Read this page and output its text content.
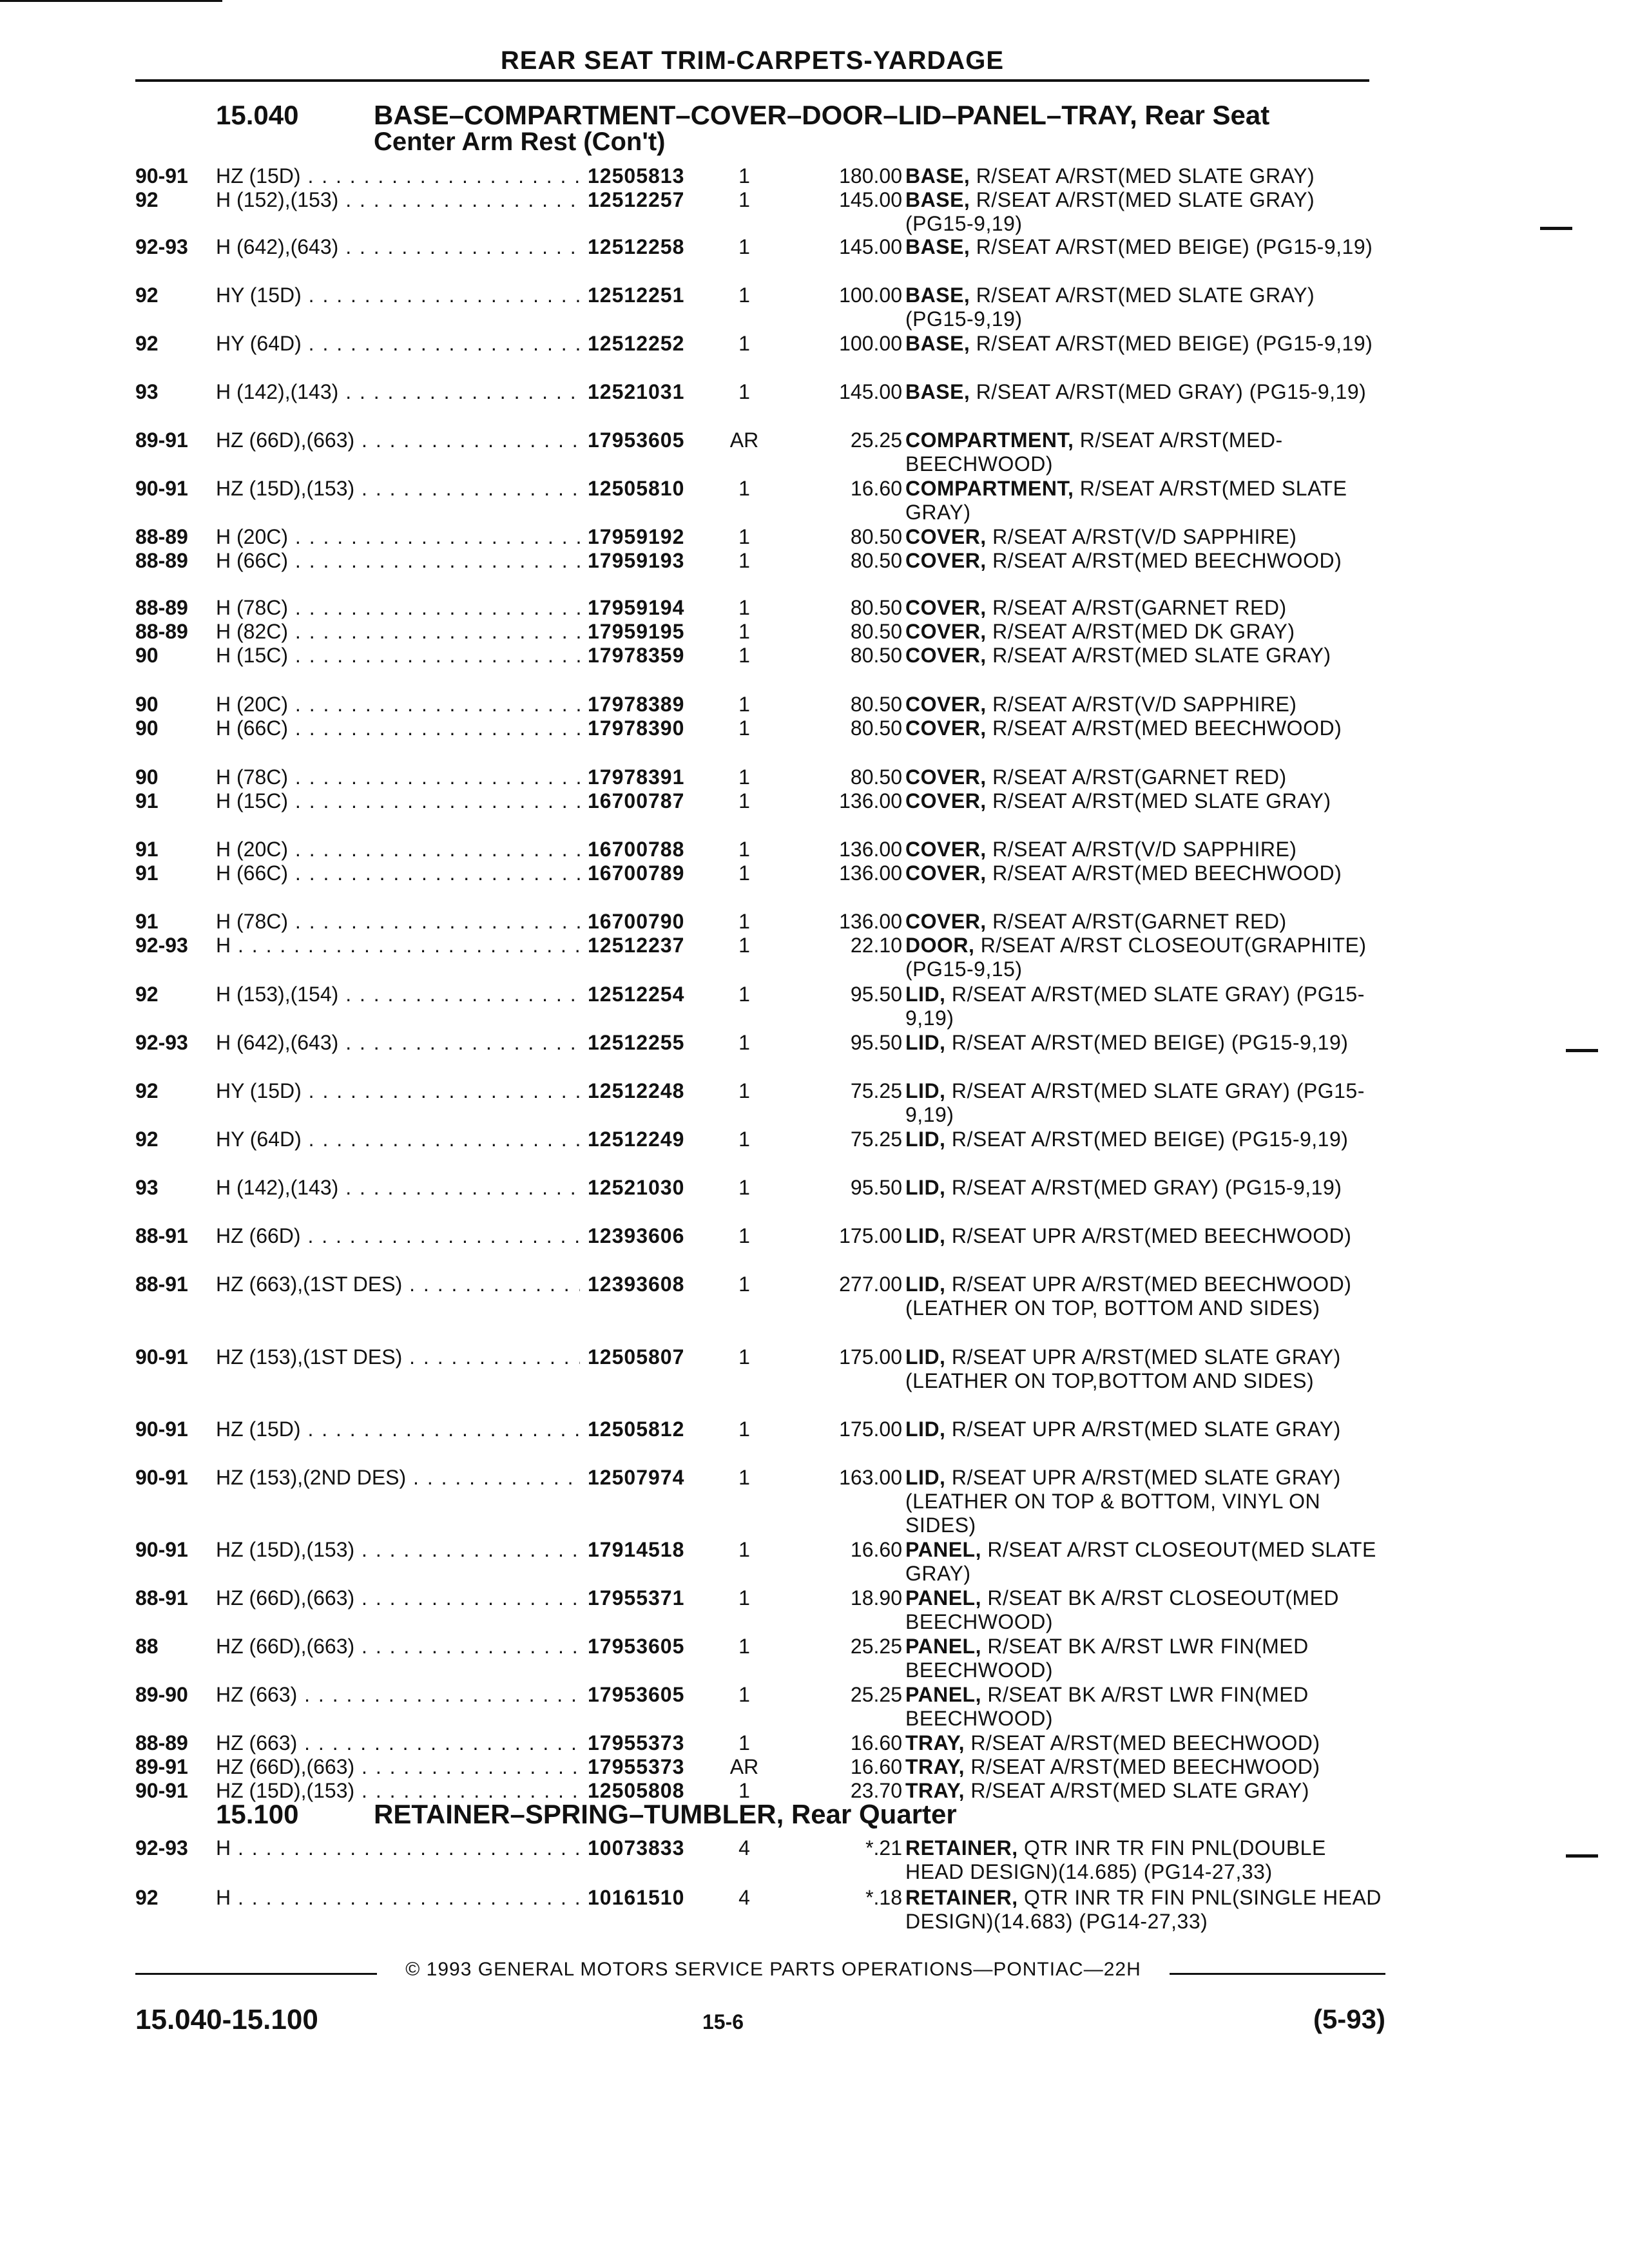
REAR SEAT TRIM-CARPETS-YARDAGE
15.040	BASE–COMPARTMENT–COVER–DOOR–LID–PANEL–TRAY, Rear Seat
Center Arm Rest (Con't)
90-91	HZ (15D) . . .	12505813	1	180.00 BASE, R/SEAT A/RST(MED SLATE GRAY)
92	H (152),(153) . . .	12512257	1	145.00 BASE, R/SEAT A/RST(MED SLATE GRAY) (PG15-9,19)
92-93	H (642),(643) . . .	12512258	1	145.00 BASE, R/SEAT A/RST(MED BEIGE) (PG15-9,19)
92	HY (15D) . . .	12512251	1	100.00 BASE, R/SEAT A/RST(MED SLATE GRAY) (PG15-9,19)
92	HY (64D) . . .	12512252	1	100.00 BASE, R/SEAT A/RST(MED BEIGE) (PG15-9,19)
93	H (142),(143) . . .	12521031	1	145.00 BASE, R/SEAT A/RST(MED GRAY) (PG15-9,19)
89-91	HZ (66D),(663) . . .	17953605	AR	25.25 COMPARTMENT, R/SEAT A/RST(MED-BEECHWOOD)
90-91	HZ (15D),(153) . . .	12505810	1	16.60 COMPARTMENT, R/SEAT A/RST(MED SLATE GRAY)
88-89	H (20C) . . .	17959192	1	80.50 COVER, R/SEAT A/RST(V/D SAPPHIRE)
88-89	H (66C) . . .	17959193	1	80.50 COVER, R/SEAT A/RST(MED BEECHWOOD)
88-89	H (78C) . . .	17959194	1	80.50 COVER, R/SEAT A/RST(GARNET RED)
88-89	H (82C) . . .	17959195	1	80.50 COVER, R/SEAT A/RST(MED DK GRAY)
90	H (15C) . . .	17978359	1	80.50 COVER, R/SEAT A/RST(MED SLATE GRAY)
90	H (20C) . . .	17978389	1	80.50 COVER, R/SEAT A/RST(V/D SAPPHIRE)
90	H (66C) . . .	17978390	1	80.50 COVER, R/SEAT A/RST(MED BEECHWOOD)
90	H (78C) . . .	17978391	1	80.50 COVER, R/SEAT A/RST(GARNET RED)
91	H (15C) . . .	16700787	1	136.00 COVER, R/SEAT A/RST(MED SLATE GRAY)
91	H (20C) . . .	16700788	1	136.00 COVER, R/SEAT A/RST(V/D SAPPHIRE)
91	H (66C) . . .	16700789	1	136.00 COVER, R/SEAT A/RST(MED BEECHWOOD)
91	H (78C) . . .	16700790	1	136.00 COVER, R/SEAT A/RST(GARNET RED)
92-93	H . . .	12512237	1	22.10 DOOR, R/SEAT A/RST CLOSEOUT(GRAPHITE) (PG15-9,15)
92	H (153),(154) . . .	12512254	1	95.50 LID, R/SEAT A/RST(MED SLATE GRAY) (PG15-9,19)
92-93	H (642),(643) . . .	12512255	1	95.50 LID, R/SEAT A/RST(MED BEIGE) (PG15-9,19)
92	HY (15D) . . .	12512248	1	75.25 LID, R/SEAT A/RST(MED SLATE GRAY) (PG15-9,19)
92	HY (64D) . . .	12512249	1	75.25 LID, R/SEAT A/RST(MED BEIGE) (PG15-9,19)
93	H (142),(143) . . .	12521030	1	95.50 LID, R/SEAT A/RST(MED GRAY) (PG15-9,19)
88-91	HZ (66D) . . .	12393606	1	175.00 LID, R/SEAT UPR A/RST(MED BEECHWOOD)
88-91	HZ (663),(1ST DES) . . .	12393608	1	277.00 LID, R/SEAT UPR A/RST(MED BEECHWOOD) (LEATHER ON TOP, BOTTOM AND SIDES)
90-91	HZ (153),(1ST DES) . . .	12505807	1	175.00 LID, R/SEAT UPR A/RST(MED SLATE GRAY) (LEATHER ON TOP,BOTTOM AND SIDES)
90-91	HZ (15D) . . .	12505812	1	175.00 LID, R/SEAT UPR A/RST(MED SLATE GRAY)
90-91	HZ (153),(2ND DES) . . .	12507974	1	163.00 LID, R/SEAT UPR A/RST(MED SLATE GRAY) (LEATHER ON TOP & BOTTOM, VINYL ON SIDES)
90-91	HZ (15D),(153) . . .	17914518	1	16.60 PANEL, R/SEAT A/RST CLOSEOUT(MED SLATE GRAY)
88-91	HZ (66D),(663) . . .	17955371	1	18.90 PANEL, R/SEAT BK A/RST CLOSEOUT(MED BEECHWOOD)
88	HZ (66D),(663) . . .	17953605	1	25.25 PANEL, R/SEAT BK A/RST LWR FIN(MED BEECHWOOD)
89-90	HZ (663) . . .	17953605	1	25.25 PANEL, R/SEAT BK A/RST LWR FIN(MED BEECHWOOD)
88-89	HZ (663) . . .	17955373	1	16.60 TRAY, R/SEAT A/RST(MED BEECHWOOD)
89-91	HZ (66D),(663) . . .	17955373	AR	16.60 TRAY, R/SEAT A/RST(MED BEECHWOOD)
90-91	HZ (15D),(153) . . .	12505808	1	23.70 TRAY, R/SEAT A/RST(MED SLATE GRAY)
15.100	RETAINER–SPRING–TUMBLER, Rear Quarter
92-93	H . . .	10073833	4	*.21 RETAINER, QTR INR TR FIN PNL(DOUBLE HEAD DESIGN)(14.685) (PG14-27,33)
92	H . . .	10161510	4	*.18 RETAINER, QTR INR TR FIN PNL(SINGLE HEAD DESIGN)(14.683) (PG14-27,33)
© 1993 GENERAL MOTORS SERVICE PARTS OPERATIONS—PONTIAC—22H
15.040-15.100	15-6	(5-93)
